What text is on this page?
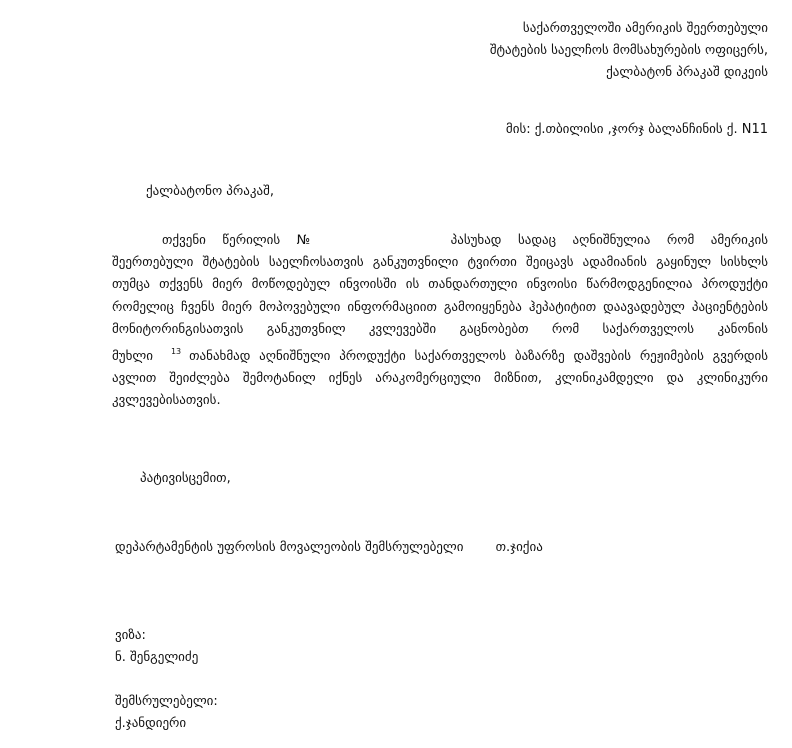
საქართველოში ამერიკის შეერთებული
შტატების საელჩოს მომსახურების ოფიცერს,
ქალბატონ პრაკაშ დიკეის
მის: ქ.თბილისი ,ჯორჯ ბალანჩინის ქ. N11
ქალბატონო პრაკაშ,
თქვენი წერილის №	პასუხად სადაც აღნიშნულია რომ ამერიკის შეერთებული შტატების საელჩოსათვის განკუთვნილი ტვირთი შეიცავს ადამიანის გაყინულ სისხლს თუმცა თქვენს მიერ მოწოდებულ ინვოისში ის თანდართული ინვოისი წარმოდგენილია პროდუქტი რომელიც ჩვენს მიერ მოპოვებული ინფორმაციით გამოიყენება ჰეპატიტით დაავადებულ პაციენტების მონიტორინგისათვის განკუთვნილ კვლევებში გაცნობებთ რომ საქართველოს კანონის მუხლი $^{13}$ თანახმად აღნიშნული პროდუქტი საქართველოს ბაზარზე დაშვების რეჟიმების გვერდის ავლით შეიძლება შემოტანილ იქნეს არაკომერციული მიზნით, კლინიკამდელი და კლინიკური კვლევებისათვის.
პატივისცემით,
დეპარტამენტის უფროსის მოვალეობის შემსრულებელი თ.ჯიქია
ვიზა:
ნ. შენგელიძე
შემსრულებელი:
ქ.ჯანდიერი
